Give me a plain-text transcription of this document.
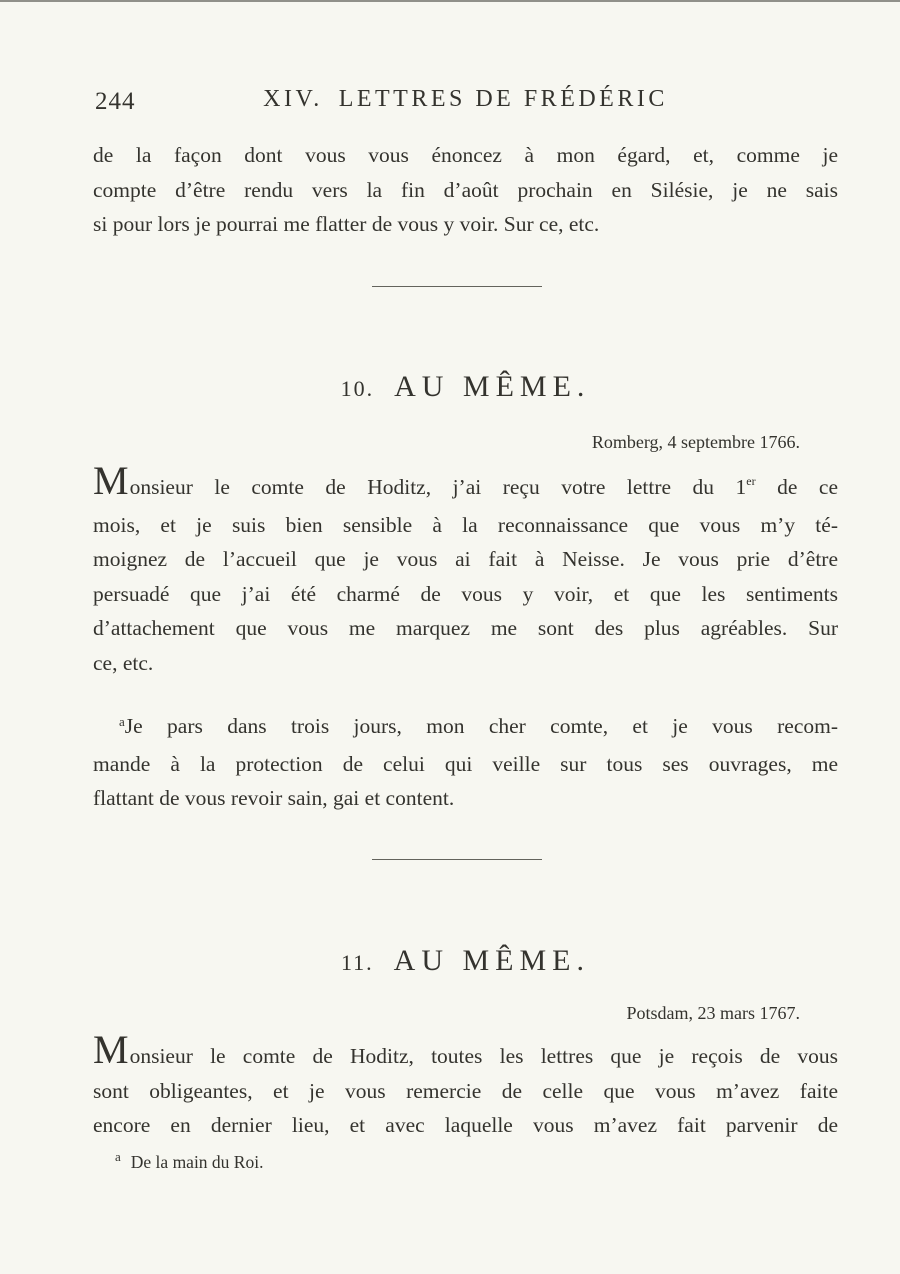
244	XIV. LETTRES DE FRÉDÉRIC
de la façon dont vous vous énoncez à mon égard, et, comme je
compte d’être rendu vers la fin d’août prochain en Silésie, je ne sais
si pour lors je pourrai me flatter de vous y voir. Sur ce, etc.
10. AU MÊME.

Romberg, 4 septembre 1766.

Monsieur le comte de Hoditz, j’ai reçu votre lettre du 1er de ce
mois, et je suis bien sensible à la reconnaissance que vous m’y té-
moignez de l’accueil que je vous ai fait à Neisse. Je vous prie d’être
persuadé que j’ai été charmé de vous y voir, et que les sentiments
d’attachement que vous me marquez me sont des plus agréables. Sur
ce, etc.
$^a$Je pars dans trois jours, mon cher comte, et je vous recom-
mande à la protection de celui qui veille sur tous ses ouvrages, me
flattant de vous revoir sain, gai et content.
11. AU MÊME.

Potsdam, 23 mars 1767.

Monsieur le comte de Hoditz, toutes les lettres que je reçois de vous
sont obligeantes, et je vous remercie de celle que vous m’avez faite
encore en dernier lieu, et avec laquelle vous m’avez fait parvenir de
$^a$ De la main du Roi.
